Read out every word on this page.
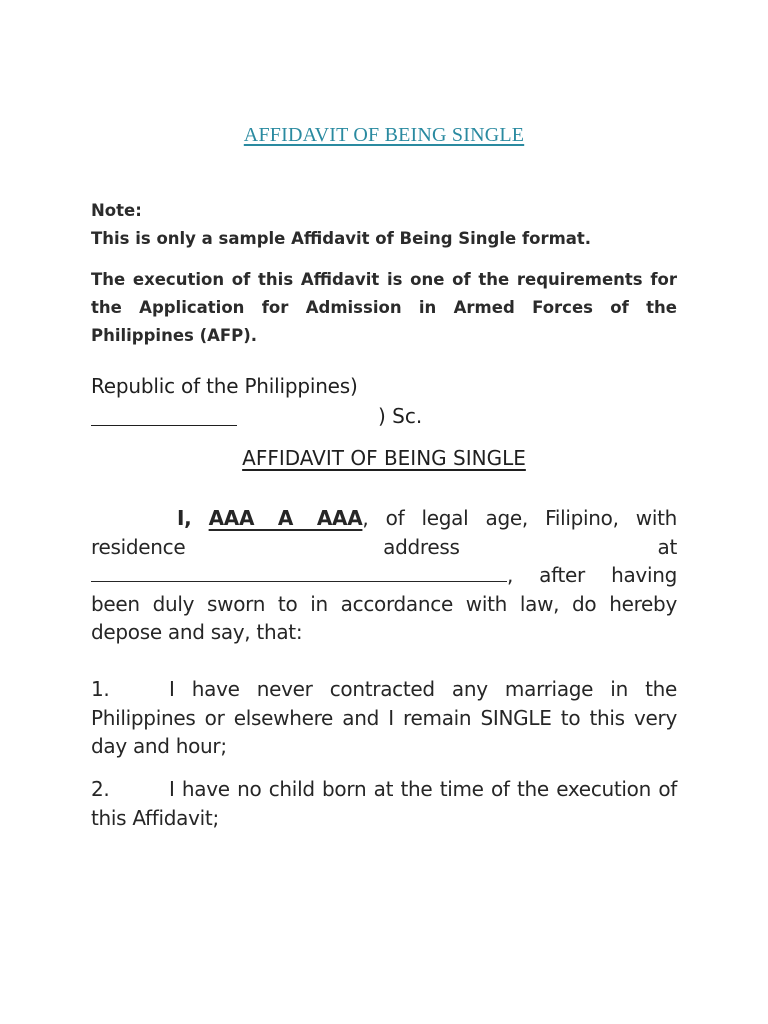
AFFIDAVIT OF BEING SINGLE
Note:
This is only a sample Affidavit of Being Single format.
The execution of this Affidavit is one of the requirements for the Application for Admission in Armed Forces of the Philippines (AFP).
Republic of the Philippines)
) Sc.
AFFIDAVIT OF BEING SINGLE
I, AAA A AAA, of legal age, Filipino, with residence address at , after having been duly sworn to in accordance with law, do hereby depose and say, that:
1.	I have never contracted any marriage in the Philippines or elsewhere and I remain SINGLE to this very day and hour;
2.	I have no child born at the time of the execution of this Affidavit;
